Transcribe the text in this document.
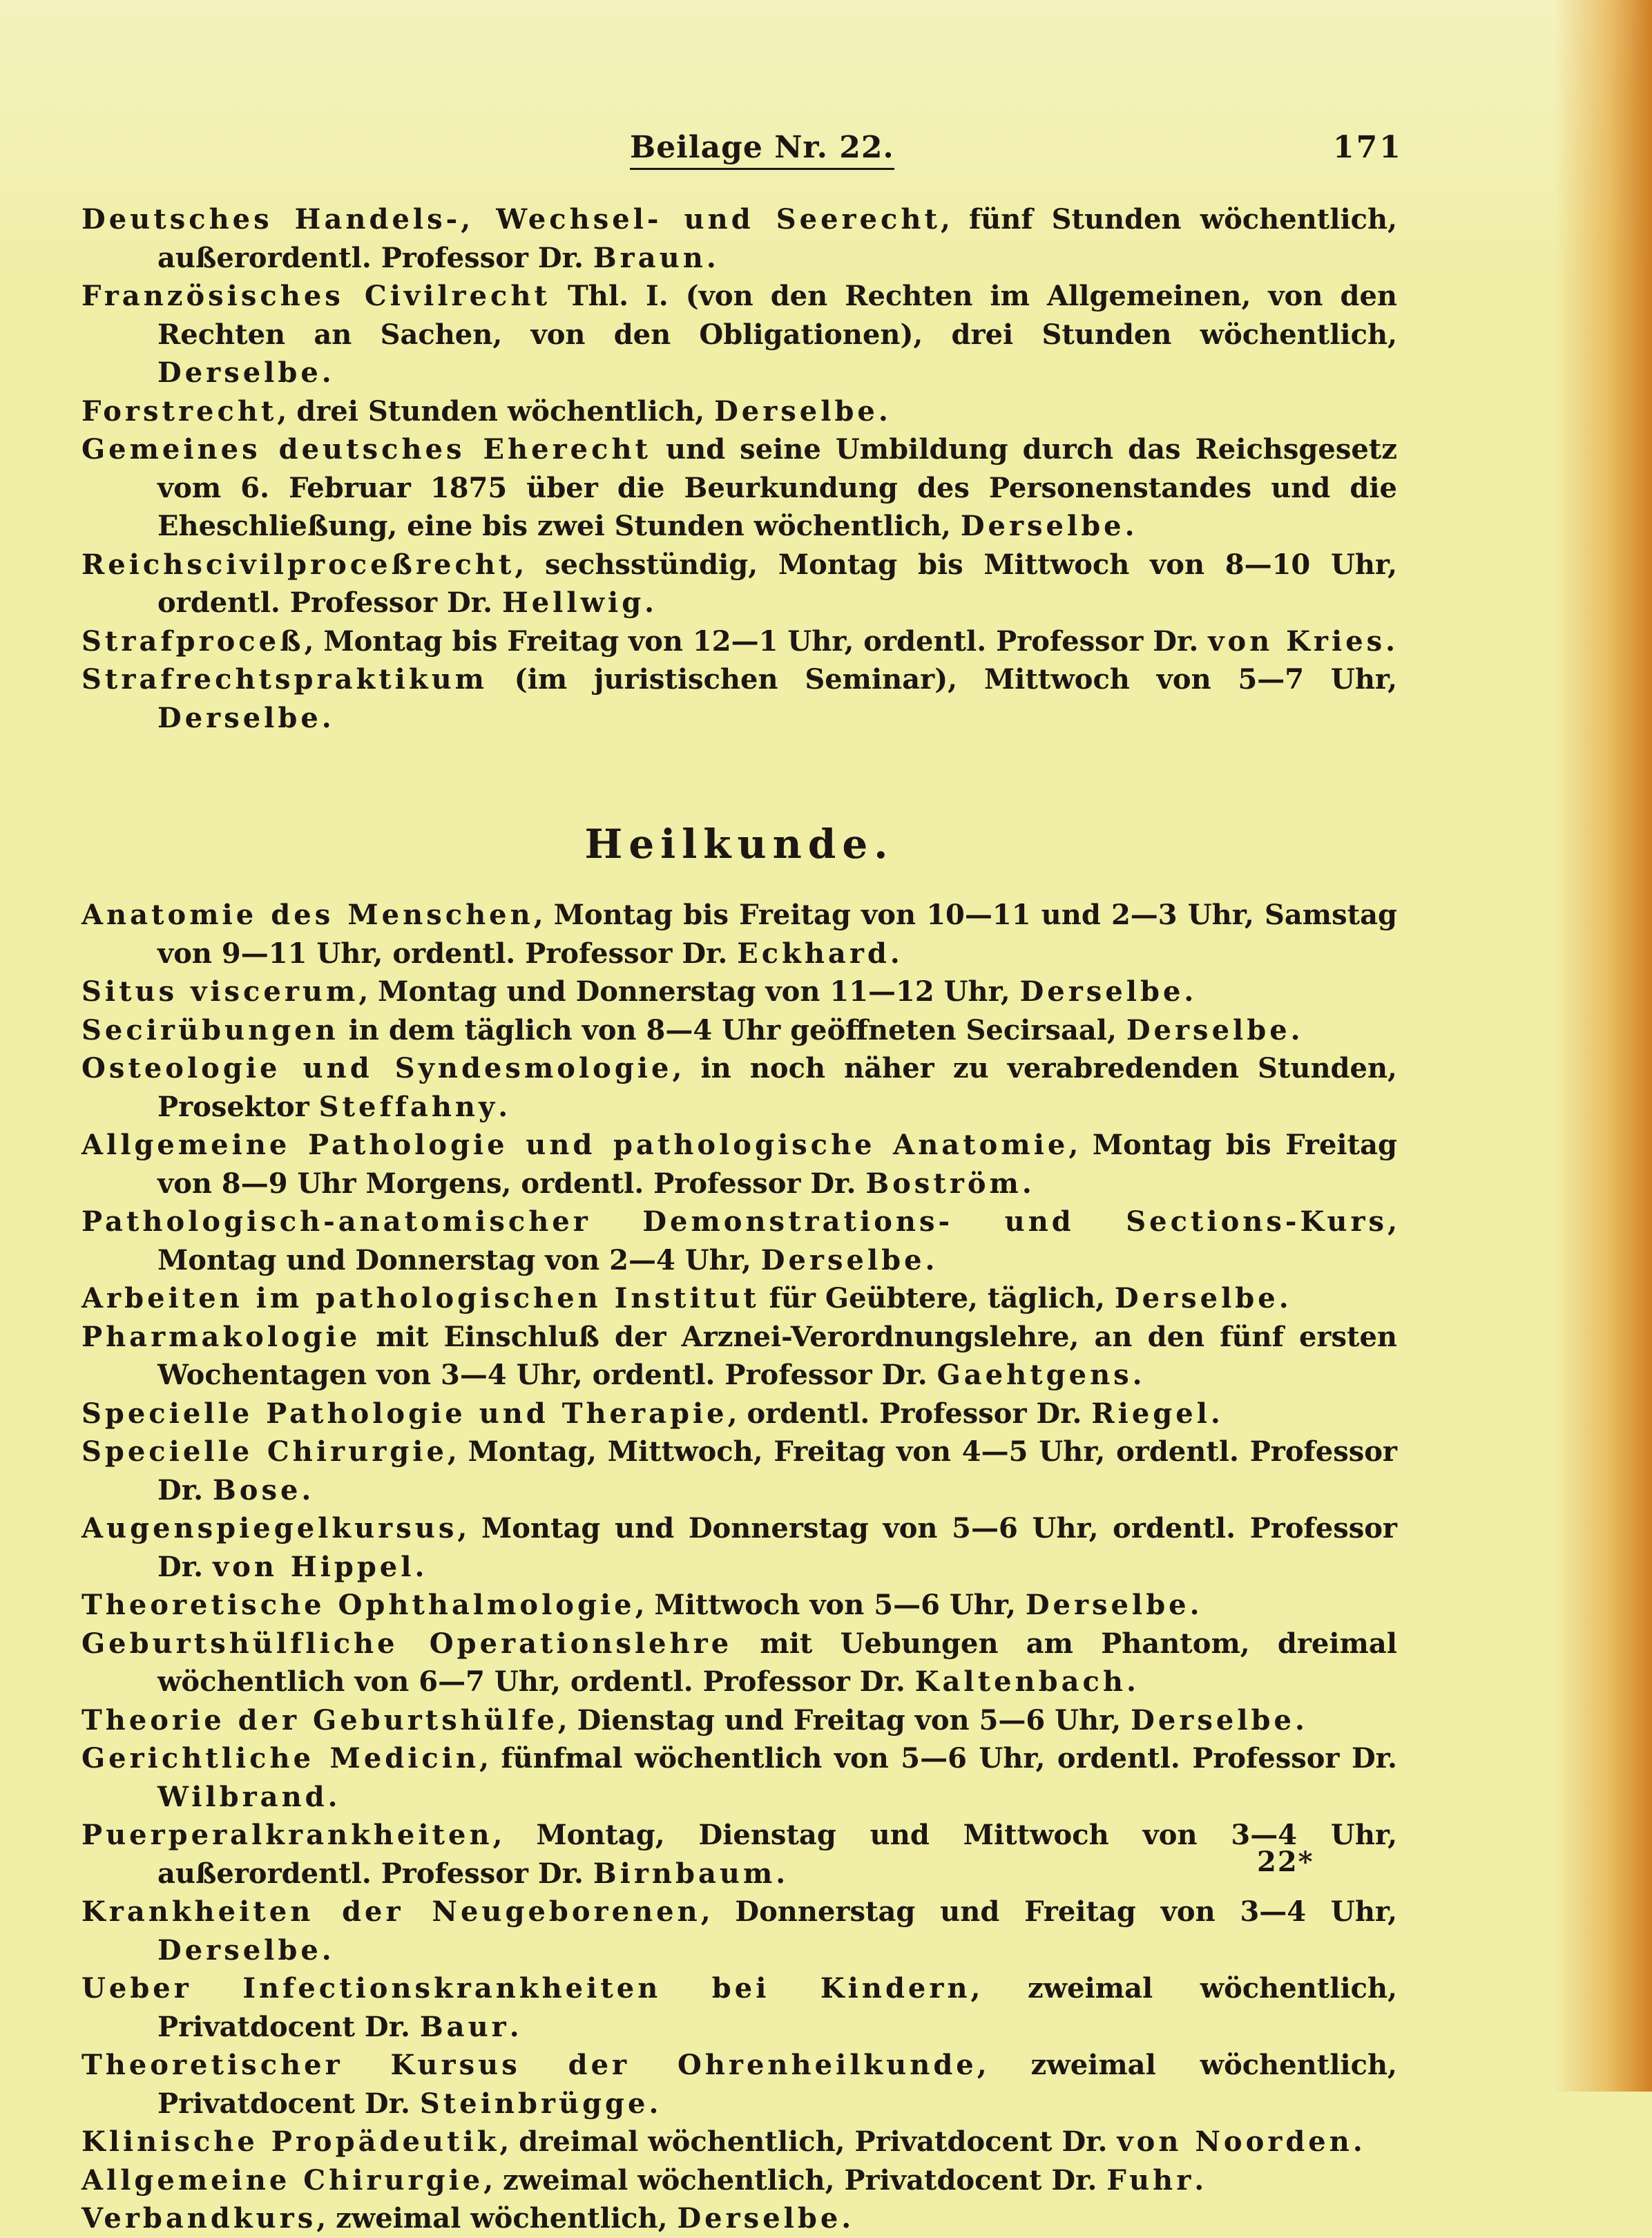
Beilage Nr. 22.	171
Deutsches Handels-, Wechsel- und Seerecht, fünf Stunden wöchentlich, außerordentl. Professor Dr. Braun.
Französisches Civilrecht Thl. I. (von den Rechten im Allgemeinen, von den Rechten an Sachen, von den Obligationen), drei Stunden wöchentlich, Derselbe.
Forstrecht, drei Stunden wöchentlich, Derselbe.
Gemeines deutsches Eherecht und seine Umbildung durch das Reichsgesetz vom 6. Februar 1875 über die Beurkundung des Personenstandes und die Eheschließung, eine bis zwei Stunden wöchentlich, Derselbe.
Reichscivilproceßrecht, sechsstündig, Montag bis Mittwoch von 8—10 Uhr, ordentl. Professor Dr. Hellwig.
Strafproceß, Montag bis Freitag von 12—1 Uhr, ordentl. Professor Dr. von Kries.
Strafrechtspraktikum (im juristischen Seminar), Mittwoch von 5—7 Uhr, Derselbe.
Heilkunde.
Anatomie des Menschen, Montag bis Freitag von 10—11 und 2—3 Uhr, Samstag von 9—11 Uhr, ordentl. Professor Dr. Eckhard.
Situs viscerum, Montag und Donnerstag von 11—12 Uhr, Derselbe.
Secirübungen in dem täglich von 8—4 Uhr geöffneten Secirsaal, Derselbe.
Osteologie und Syndesmologie, in noch näher zu verabredenden Stunden, Prosektor Steffahny.
Allgemeine Pathologie und pathologische Anatomie, Montag bis Freitag von 8—9 Uhr Morgens, ordentl. Professor Dr. Boström.
Pathologisch-anatomischer Demonstrations- und Sections-Kurs, Montag und Donnerstag von 2—4 Uhr, Derselbe.
Arbeiten im pathologischen Institut für Geübtere, täglich, Derselbe.
Pharmakologie mit Einschluß der Arznei-Verordnungslehre, an den fünf ersten Wochentagen von 3—4 Uhr, ordentl. Professor Dr. Gaehtgens.
Specielle Pathologie und Therapie, ordentl. Professor Dr. Riegel.
Specielle Chirurgie, Montag, Mittwoch, Freitag von 4—5 Uhr, ordentl. Professor Dr. Bose.
Augenspiegelkursus, Montag und Donnerstag von 5—6 Uhr, ordentl. Professor Dr. von Hippel.
Theoretische Ophthalmologie, Mittwoch von 5—6 Uhr, Derselbe.
Geburtshülfliche Operationslehre mit Uebungen am Phantom, dreimal wöchentlich von 6—7 Uhr, ordentl. Professor Dr. Kaltenbach.
Theorie der Geburtshülfe, Dienstag und Freitag von 5—6 Uhr, Derselbe.
Gerichtliche Medicin, fünfmal wöchentlich von 5—6 Uhr, ordentl. Professor Dr. Wilbrand.
Puerperalkrankheiten, Montag, Dienstag und Mittwoch von 3—4 Uhr, außerordentl. Professor Dr. Birnbaum.
Krankheiten der Neugeborenen, Donnerstag und Freitag von 3—4 Uhr, Derselbe.
Ueber Infectionskrankheiten bei Kindern, zweimal wöchentlich, Privatdocent Dr. Baur.
Theoretischer Kursus der Ohrenheilkunde, zweimal wöchentlich, Privatdocent Dr. Steinbrügge.
Klinische Propädeutik, dreimal wöchentlich, Privatdocent Dr. von Noorden.
Allgemeine Chirurgie, zweimal wöchentlich, Privatdocent Dr. Fuhr.
Verbandkurs, zweimal wöchentlich, Derselbe.
22*
